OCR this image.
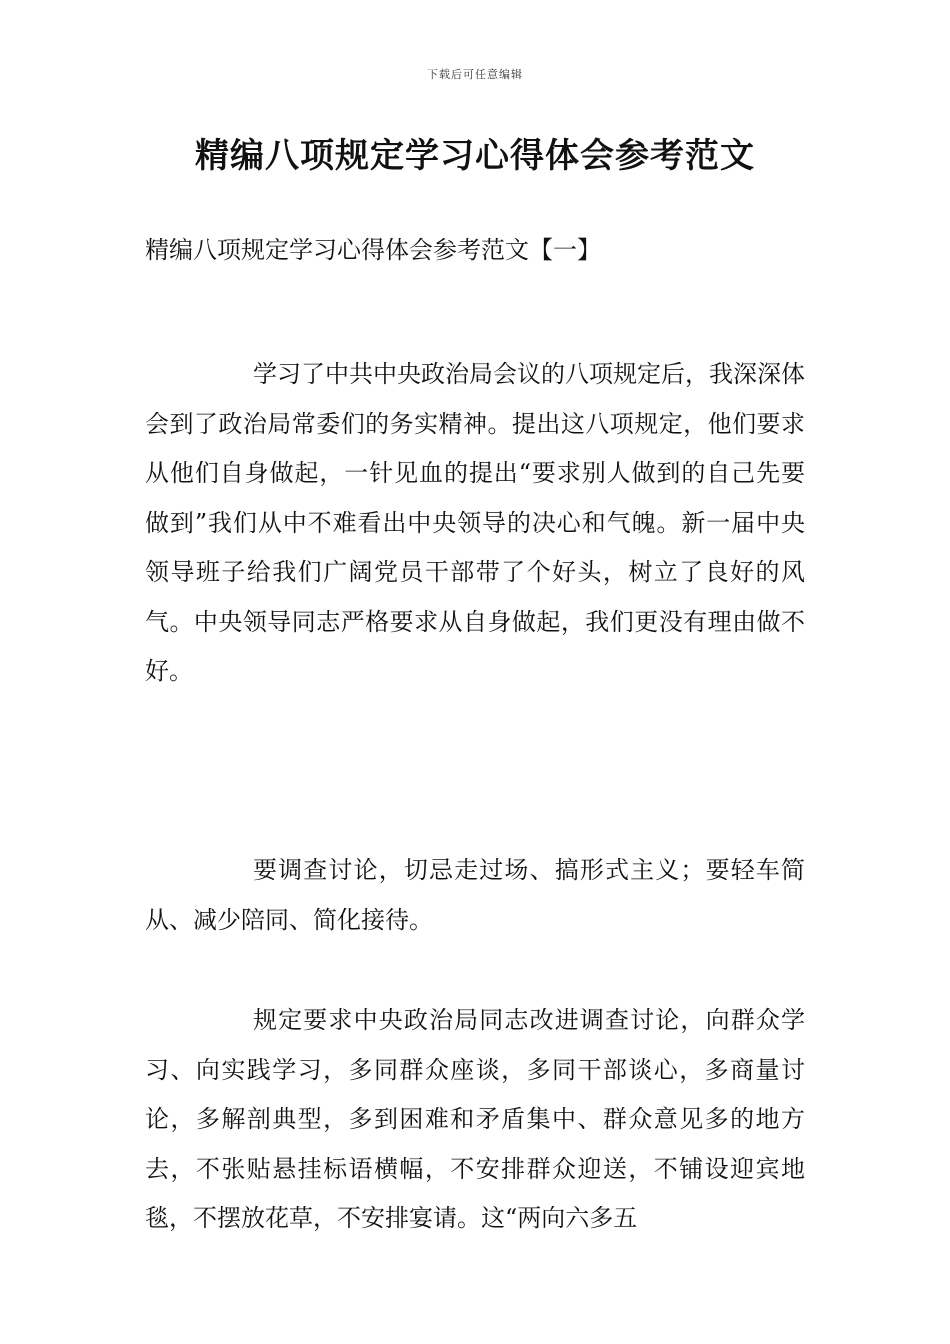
下载后可任意编辑
精编八项规定学习心得体会参考范文
精编八项规定学习心得体会参考范文【一】

学习了中共中央政治局会议的八项规定后，我深深体会到了政治局常委们的务实精神。提出这八项规定，他们要求从他们自身做起，一针见血的提出“要求别人做到的自己先要做到”我们从中不难看出中央领导的决心和气魄。新一届中央领导班子给我们广阔党员干部带了个好头，树立了良好的风气。中央领导同志严格要求从自身做起，我们更没有理由做不好。

要调查讨论，切忌走过场、搞形式主义；要轻车简从、减少陪同、简化接待。

规定要求中央政治局同志改进调查讨论，向群众学习、向实践学习，多同群众座谈，多同干部谈心，多商量讨论，多解剖典型，多到困难和矛盾集中、群众意见多的地方去，不张贴悬挂标语横幅，不安排群众迎送，不铺设迎宾地毯，不摆放花草，不安排宴请。这“两向六多五
